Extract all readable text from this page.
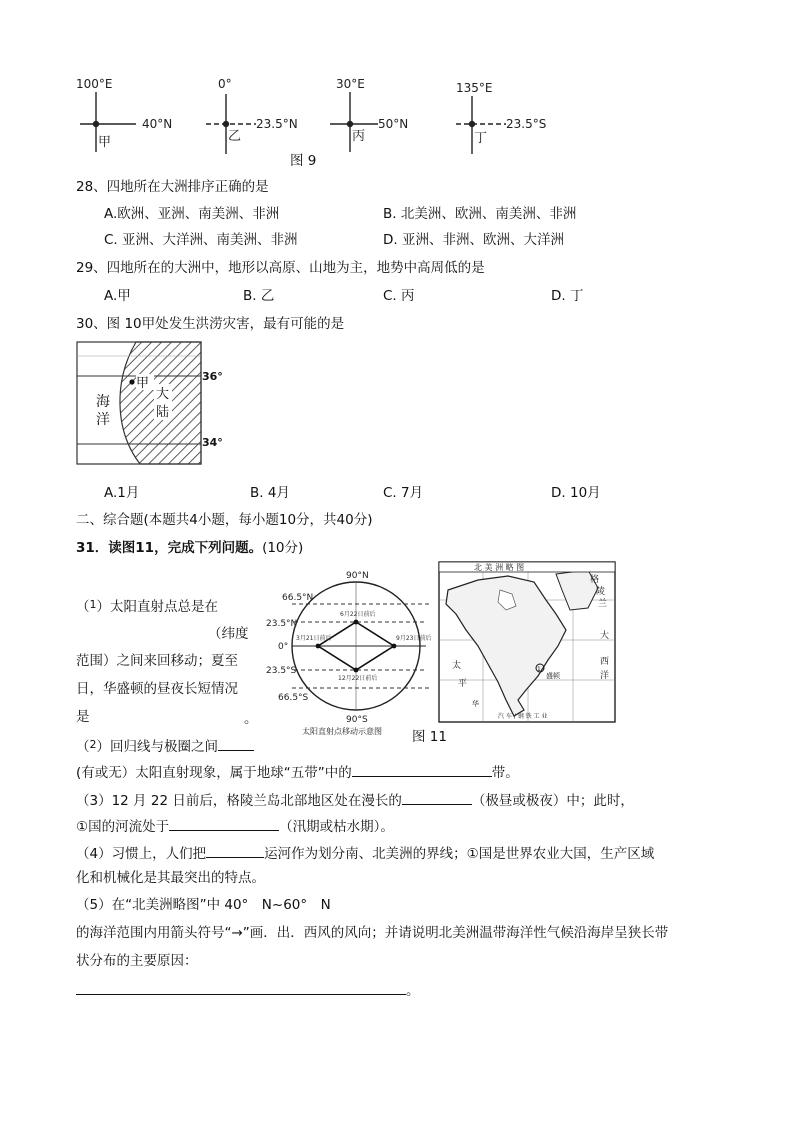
100°E
40°N
甲
0°
23.5°N
乙
30°E
50°N
丙
135°E
23.5°S
丁
图 9
28、四地所在大洲排序正确的是
A.欧洲、亚洲、南美洲、非洲	B. 北美洲、欧洲、南美洲、非洲
C. 亚洲、大洋洲、南美洲、非洲	D. 亚洲、非洲、欧洲、大洋洲
29、四地所在的大洲中，地形以高原、山地为主，地势中高周低的是
A.甲	B. 乙	C. 丙	D. 丁
30、图 10甲处发生洪涝灾害，最有可能的是
甲
海
洋
大
陆
36°
34°
A.1月	B. 4月	C. 7月	D. 10月
二、综合题(本题共4小题，每小题10分，共40分)
31．读图11，完成下列问题。(10分)
（$^1$）太阳直射点总是在
（纬度
范围）之间来回移动；夏至
日，华盛顿的昼夜长短情况
是	。
90°N
90°S
66.5°N
23.5°N
0°
23.5°S
66.5°S
6月22日前后
3月21日前后	9月23日前后
12月22日前后
太阳直射点移动示意图
1
北 美 洲 略 图
格
陵
兰
大
西
洋
太
平
华
盛顿
汽 车 / 钢 铁 工 业
图 11
（$^2$）回归线与极圈之间
(有或无）太阳直射现象，属于地球“五带”中的	带。
（3）12 月 22 日前后，格陵兰岛北部地区处在漫长的	（极昼或极夜）中；此时，
①国的河流处于	（汛期或枯水期）。
（4）习惯上，人们把	运河作为划分南、北美洲的界线；①国是世界农业大国，生产区域
化和机械化是其最突出的特点。
（5）在“北美洲略图”中 40°　N~60°　N
的海洋范围内用箭头符号“→”画．出．西风的风向；并请说明北美洲温带海洋性气候沿海岸呈狭长带
状分布的主要原因：
。
